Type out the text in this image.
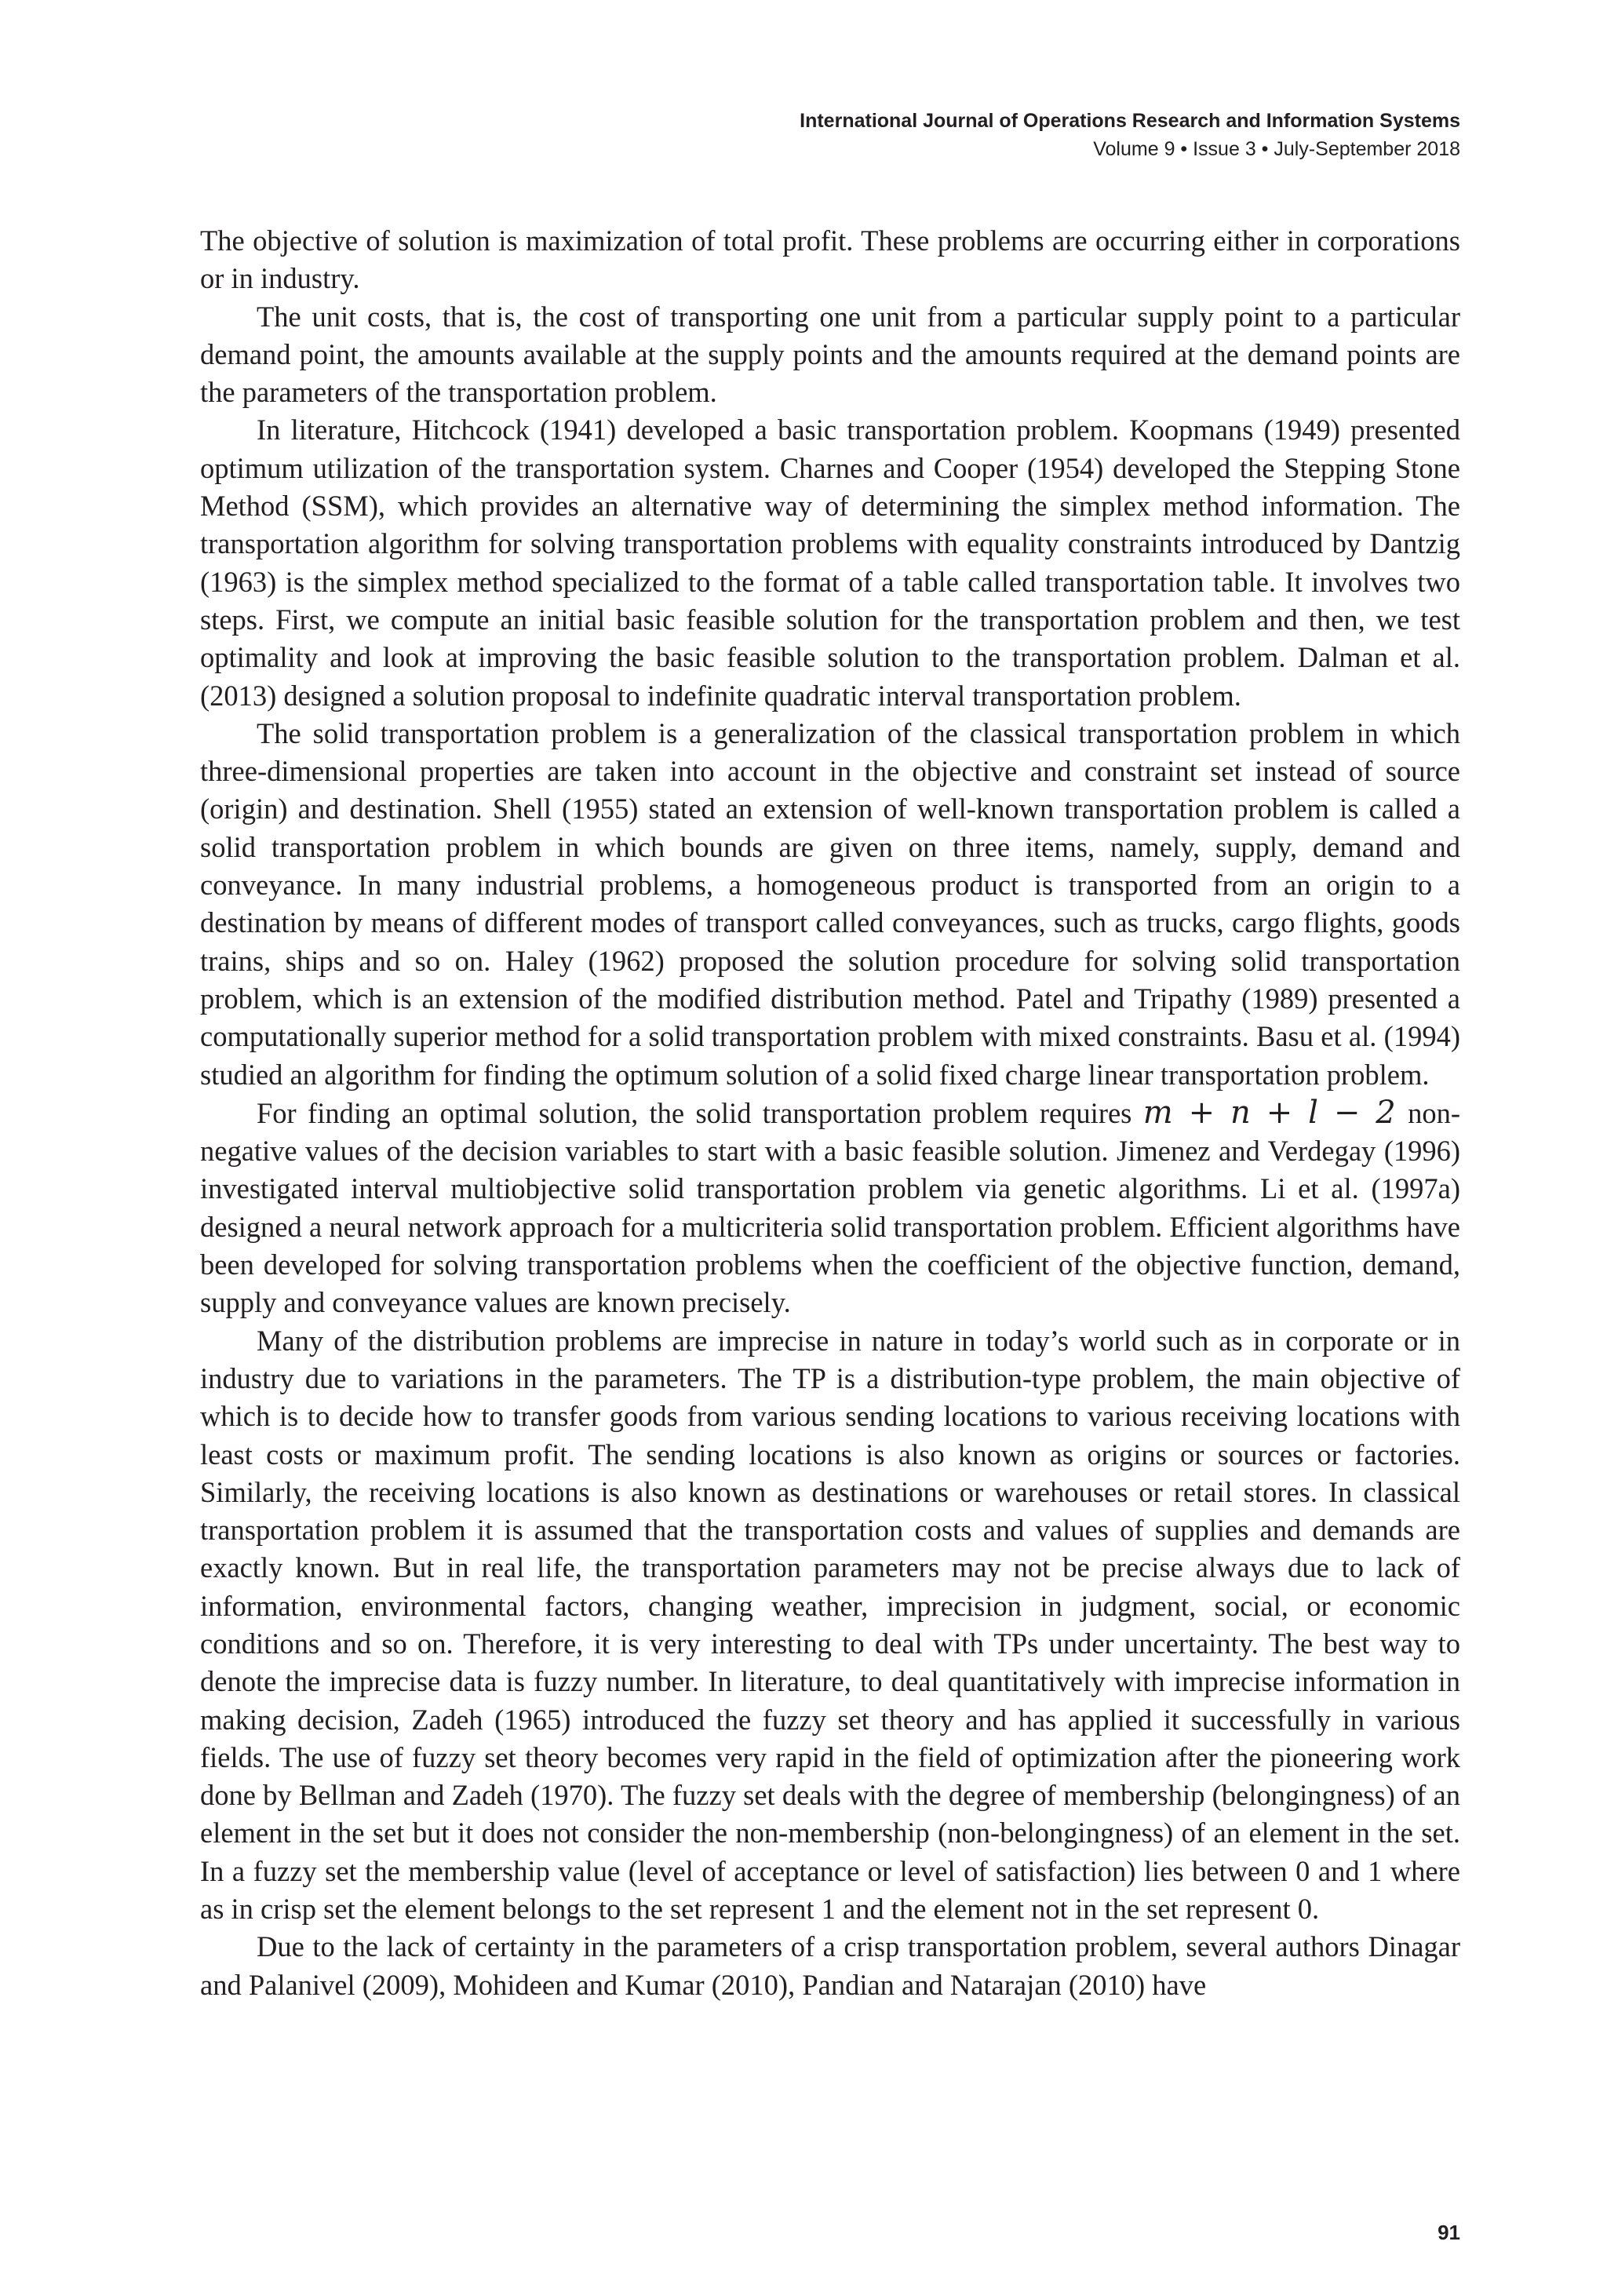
International Journal of Operations Research and Information Systems
Volume 9 • Issue 3 • July-September 2018

The objective of solution is maximization of total profit. These problems are occurring either in corporations or in industry.

The unit costs, that is, the cost of transporting one unit from a particular supply point to a particular demand point, the amounts available at the supply points and the amounts required at the demand points are the parameters of the transportation problem.

In literature, Hitchcock (1941) developed a basic transportation problem. Koopmans (1949) presented optimum utilization of the transportation system. Charnes and Cooper (1954) developed the Stepping Stone Method (SSM), which provides an alternative way of determining the simplex method information. The transportation algorithm for solving transportation problems with equality constraints introduced by Dantzig (1963) is the simplex method specialized to the format of a table called transportation table. It involves two steps. First, we compute an initial basic feasible solution for the transportation problem and then, we test optimality and look at improving the basic feasible solution to the transportation problem. Dalman et al. (2013) designed a solution proposal to indefinite quadratic interval transportation problem.

The solid transportation problem is a generalization of the classical transportation problem in which three-dimensional properties are taken into account in the objective and constraint set instead of source (origin) and destination. Shell (1955) stated an extension of well-known transportation problem is called a solid transportation problem in which bounds are given on three items, namely, supply, demand and conveyance. In many industrial problems, a homogeneous product is transported from an origin to a destination by means of different modes of transport called conveyances, such as trucks, cargo flights, goods trains, ships and so on. Haley (1962) proposed the solution procedure for solving solid transportation problem, which is an extension of the modified distribution method. Patel and Tripathy (1989) presented a computationally superior method for a solid transportation problem with mixed constraints. Basu et al. (1994) studied an algorithm for finding the optimum solution of a solid fixed charge linear transportation problem.

For finding an optimal solution, the solid transportation problem requires m + n + l − 2 non-negative values of the decision variables to start with a basic feasible solution. Jimenez and Verdegay (1996) investigated interval multiobjective solid transportation problem via genetic algorithms. Li et al. (1997a) designed a neural network approach for a multicriteria solid transportation problem. Efficient algorithms have been developed for solving transportation problems when the coefficient of the objective function, demand, supply and conveyance values are known precisely.

Many of the distribution problems are imprecise in nature in today’s world such as in corporate or in industry due to variations in the parameters. The TP is a distribution-type problem, the main objective of which is to decide how to transfer goods from various sending locations to various receiving locations with least costs or maximum profit. The sending locations is also known as origins or sources or factories. Similarly, the receiving locations is also known as destinations or warehouses or retail stores. In classical transportation problem it is assumed that the transportation costs and values of supplies and demands are exactly known. But in real life, the transportation parameters may not be precise always due to lack of information, environmental factors, changing weather, imprecision in judgment, social, or economic conditions and so on. Therefore, it is very interesting to deal with TPs under uncertainty. The best way to denote the imprecise data is fuzzy number. In literature, to deal quantitatively with imprecise information in making decision, Zadeh (1965) introduced the fuzzy set theory and has applied it successfully in various fields. The use of fuzzy set theory becomes very rapid in the field of optimization after the pioneering work done by Bellman and Zadeh (1970). The fuzzy set deals with the degree of membership (belongingness) of an element in the set but it does not consider the non-membership (non-belongingness) of an element in the set. In a fuzzy set the membership value (level of acceptance or level of satisfaction) lies between 0 and 1 where as in crisp set the element belongs to the set represent 1 and the element not in the set represent 0.

Due to the lack of certainty in the parameters of a crisp transportation problem, several authors Dinagar and Palanivel (2009), Mohideen and Kumar (2010), Pandian and Natarajan (2010) have

91
